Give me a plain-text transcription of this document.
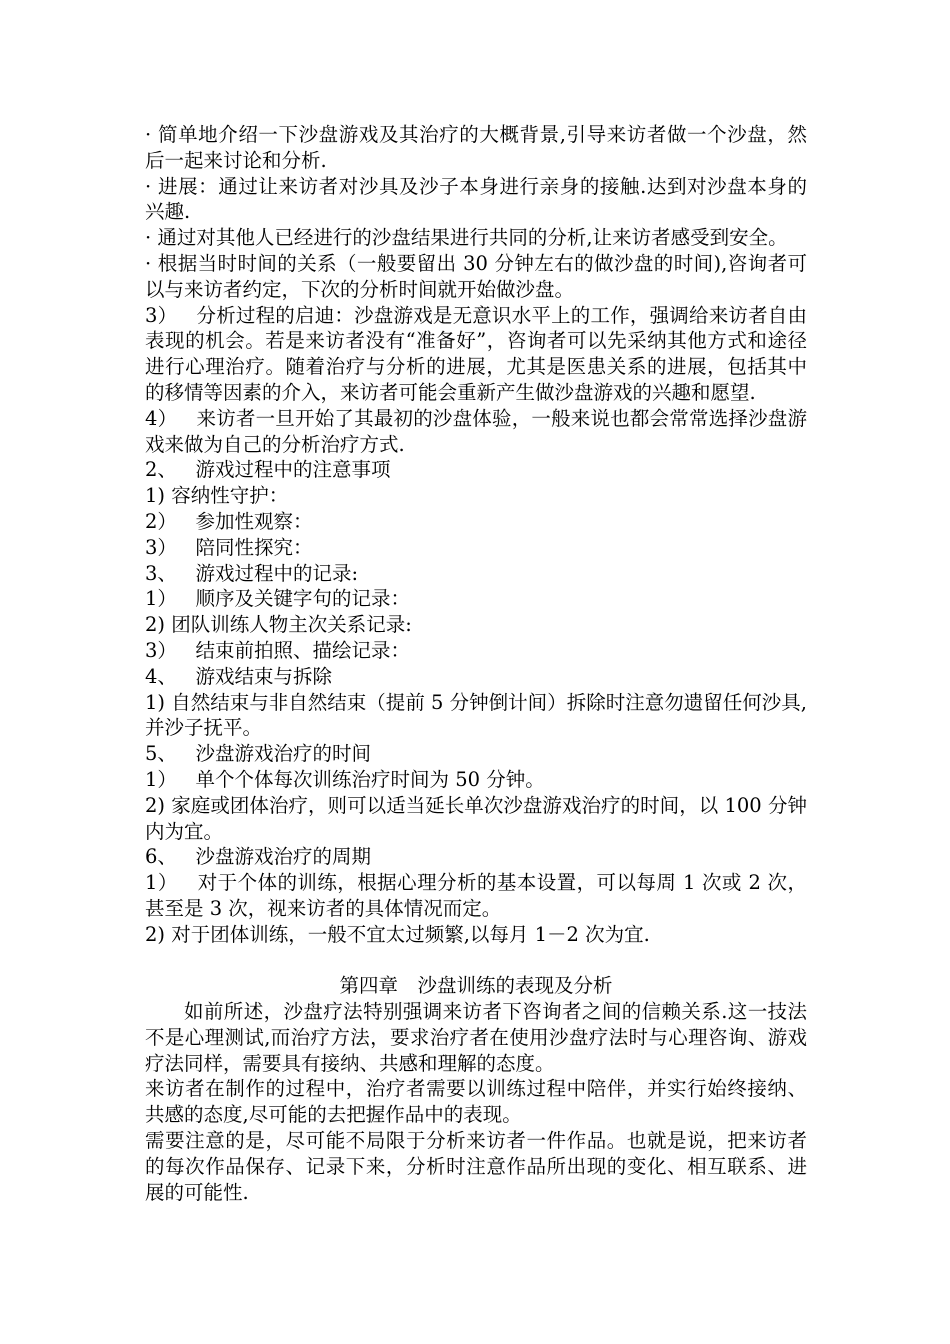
· 简单地介绍一下沙盘游戏及其治疗的大概背景,引导来访者做一个沙盘，然后一起来讨论和分析.

· 进展：通过让来访者对沙具及沙子本身进行亲身的接触.达到对沙盘本身的兴趣.

· 通过对其他人已经进行的沙盘结果进行共同的分析,让来访者感受到安全。

· 根据当时时间的关系（一般要留出 30 分钟左右的做沙盘的时间),咨询者可以与来访者约定，下次的分析时间就开始做沙盘。

3）   分析过程的启迪：沙盘游戏是无意识水平上的工作，强调给来访者自由表现的机会。若是来访者没有“准备好”，咨询者可以先采纳其他方式和途径进行心理治疗。随着治疗与分析的进展，尤其是医患关系的进展，包括其中的移情等因素的介入，来访者可能会重新产生做沙盘游戏的兴趣和愿望.

4）   来访者一旦开始了其最初的沙盘体验，一般来说也都会常常选择沙盘游戏来做为自己的分析治疗方式.

2、   游戏过程中的注意事项

1) 容纳性守护：

2）   参加性观察：

3）   陪同性探究：

3、   游戏过程中的记录:

1）   顺序及关键字句的记录：

2) 团队训练人物主次关系记录:

3）   结束前拍照、描绘记录：

4、   游戏结束与拆除

1) 自然结束与非自然结束（提前 5 分钟倒计间）拆除时注意勿遗留任何沙具,并沙子抚平。

5、   沙盘游戏治疗的时间

1）   单个个体每次训练治疗时间为 50 分钟。

2) 家庭或团体治疗，则可以适当延长单次沙盘游戏治疗的时间，以 100 分钟内为宜。

6、   沙盘游戏治疗的周期

1）   对于个体的训练，根据心理分析的基本设置，可以每周 1 次或 2 次，甚至是 3 次，视来访者的具体情况而定。

2) 对于团体训练，一般不宜太过频繁,以每月 1－2 次为宜.

第四章　沙盘训练的表现及分析

如前所述，沙盘疗法特别强调来访者下咨询者之间的信赖关系.这一技法不是心理测试,而治疗方法，要求治疗者在使用沙盘疗法时与心理咨询、游戏疗法同样，需要具有接纳、共感和理解的态度。

来访者在制作的过程中，治疗者需要以训练过程中陪伴，并实行始终接纳、共感的态度,尽可能的去把握作品中的表现。

需要注意的是，尽可能不局限于分析来访者一件作品。也就是说，把来访者的每次作品保存、记录下来，分析时注意作品所出现的变化、相互联系、进展的可能性.
